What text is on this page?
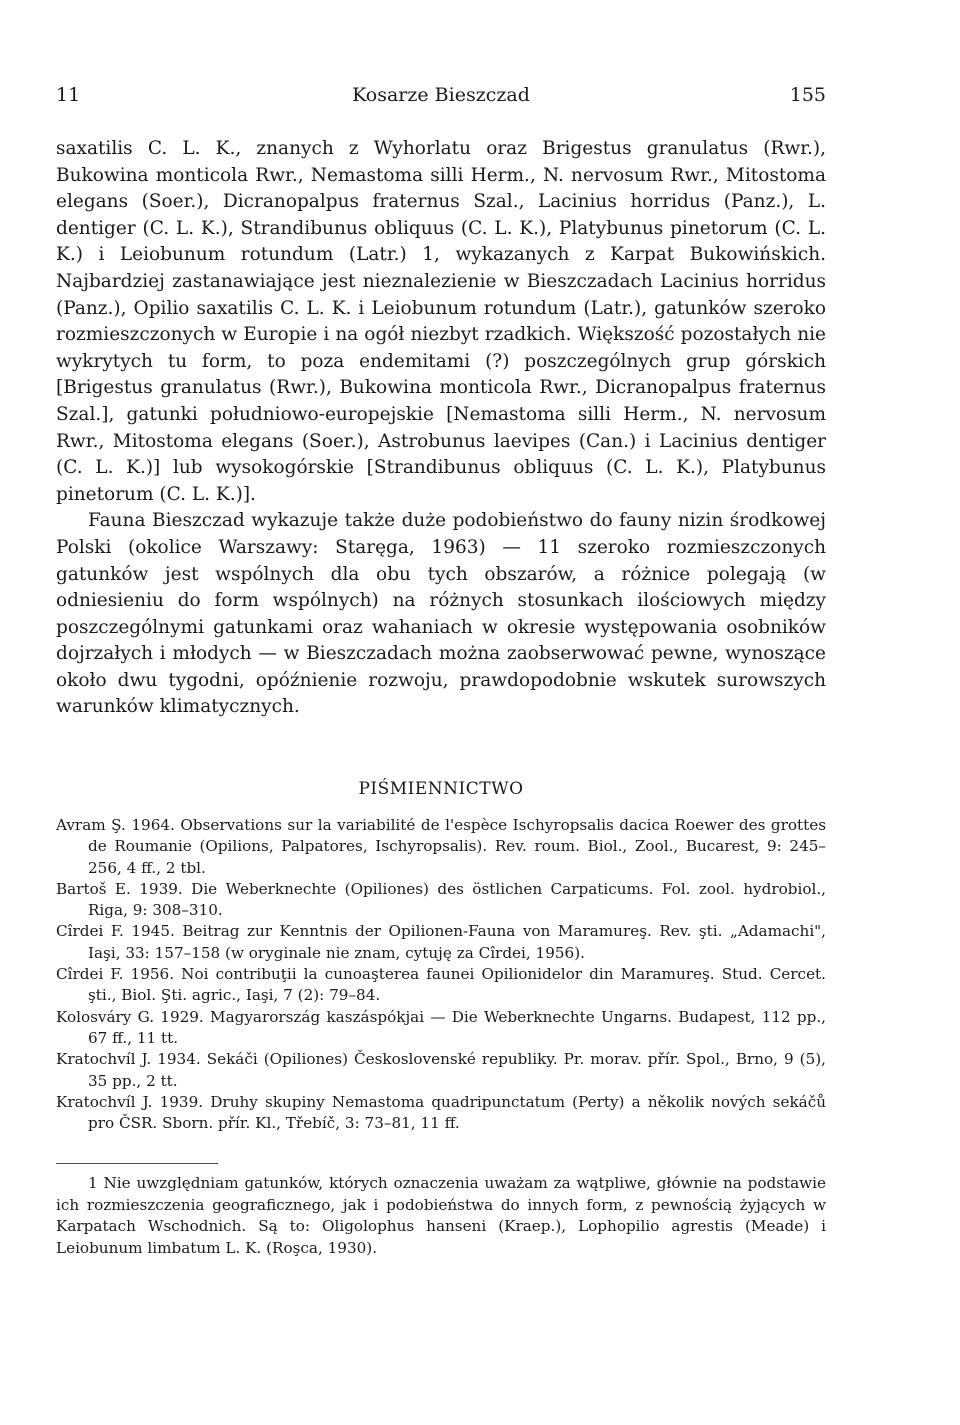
11	Kosarze Bieszczad	155

saxatilis C. L. K., znanych z Wyhorlatu oraz Brigestus granulatus (Rwr.), Bukowina monticola Rwr., Nemastoma silli Herm., N. nervosum Rwr., Mitostoma elegans (Soer.), Dicranopalpus fraternus Szal., Lacinius horridus (Panz.), L. dentiger (C. L. K.), Strandibunus obliquus (C. L. K.), Platybunus pinetorum (C. L. K.) i Leiobunum rotundum (Latr.) 1, wykazanych z Karpat Bukowińskich. Najbardziej zastanawiające jest nieznalezienie w Bieszczadach Lacinius horridus (Panz.), Opilio saxatilis C. L. K. i Leiobunum rotundum (Latr.), gatunków szeroko rozmieszczonych w Europie i na ogół niezbyt rzadkich. Większość pozostałych nie wykrytych tu form, to poza endemitami (?) poszczególnych grup górskich [Brigestus granulatus (Rwr.), Bukowina monticola Rwr., Dicranopalpus fraternus Szal.], gatunki południowo-europejskie [Nemastoma silli Herm., N. nervosum Rwr., Mitostoma elegans (Soer.), Astrobunus laevipes (Can.) i Lacinius dentiger (C. L. K.)] lub wysokogórskie [Strandibunus obliquus (C. L. K.), Platybunus pinetorum (C. L. K.)].

Fauna Bieszczad wykazuje także duże podobieństwo do fauny nizin środkowej Polski (okolice Warszawy: Staręga, 1963) — 11 szeroko rozmieszczonych gatunków jest wspólnych dla obu tych obszarów, a różnice polegają (w odniesieniu do form wspólnych) na różnych stosunkach ilościowych między poszczególnymi gatunkami oraz wahaniach w okresie występowania osobników dojrzałych i młodych — w Bieszczadach można zaobserwować pewne, wynoszące około dwu tygodni, opóźnienie rozwoju, prawdopodobnie wskutek surowszych warunków klimatycznych.

PIŚMIENNICTWO

Avram Ş. 1964. Observations sur la variabilité de l'espèce Ischyropsalis dacica Roewer des grottes de Roumanie (Opilions, Palpatores, Ischyropsalis). Rev. roum. Biol., Zool., Bucarest, 9: 245–256, 4 ff., 2 tbl.

Bartoš E. 1939. Die Weberknechte (Opiliones) des östlichen Carpaticums. Fol. zool. hydrobiol., Riga, 9: 308–310.

Cîrdei F. 1945. Beitrag zur Kenntnis der Opilionen-Fauna von Maramureş. Rev. şti. „Adamachi", Iaşi, 33: 157–158 (w oryginale nie znam, cytuję za Cîrdei, 1956).

Cîrdei F. 1956. Noi contribuţii la cunoaşterea faunei Opilionidelor din Maramureş. Stud. Cercet. şti., Biol. Şti. agric., Iaşi, 7 (2): 79–84.

Kolosváry G. 1929. Magyarország kaszáspókjai — Die Weberknechte Ungarns. Budapest, 112 pp., 67 ff., 11 tt.

Kratochvíl J. 1934. Sekáči (Opiliones) Československé republiky. Pr. morav. přír. Spol., Brno, 9 (5), 35 pp., 2 tt.

Kratochvíl J. 1939. Druhy skupiny Nemastoma quadripunctatum (Perty) a několik nových sekáčů pro ČSR. Sborn. přír. Kl., Třebíč, 3: 73–81, 11 ff.

1 Nie uwzględniam gatunków, których oznaczenia uważam za wątpliwe, głównie na podstawie ich rozmieszczenia geograficznego, jak i podobieństwa do innych form, z pewnością żyjących w Karpatach Wschodnich. Są to: Oligolophus hanseni (Kraep.), Lophopilio agrestis (Meade) i Leiobunum limbatum L. K. (Roşca, 1930).
